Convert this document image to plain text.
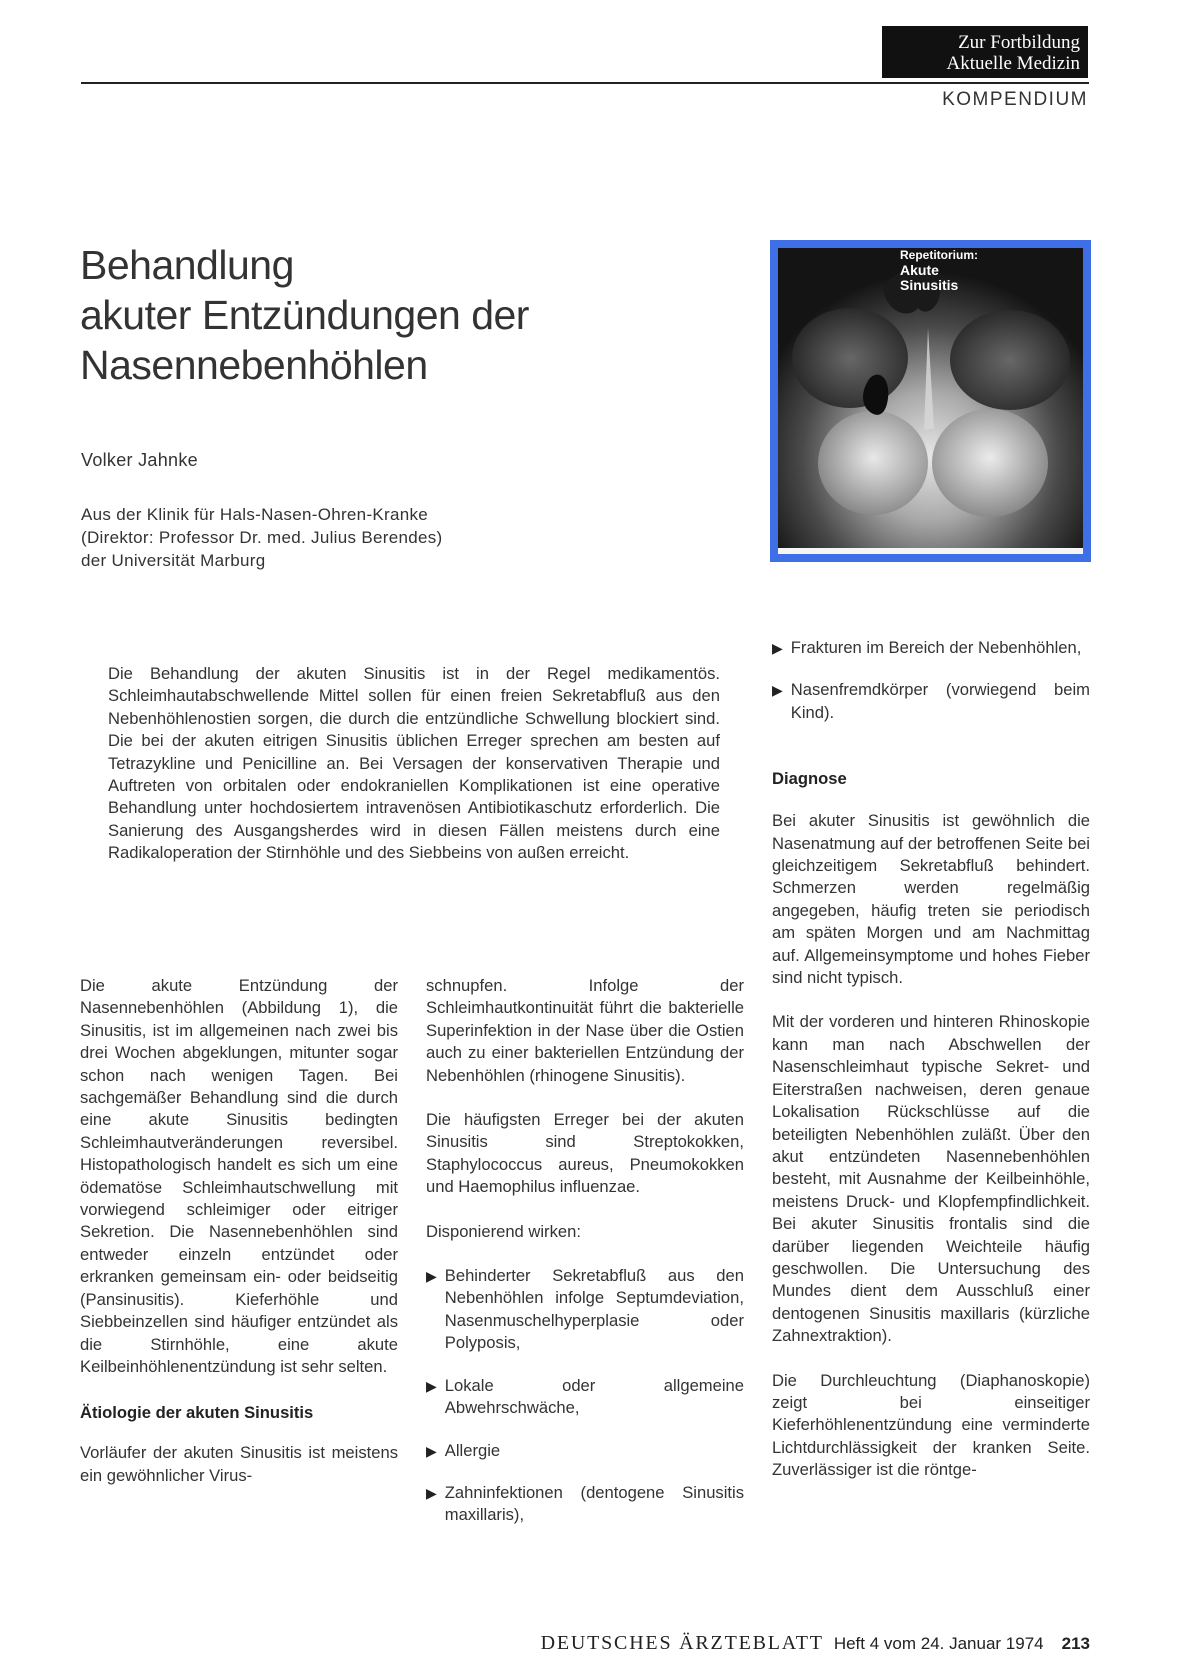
Zur Fortbildung
Aktuelle Medizin
KOMPENDIUM
Behandlung
akuter Entzündungen der
Nasennebenhöhlen
Volker Jahnke
Aus der Klinik für Hals-Nasen-Ohren-Kranke
(Direktor: Professor Dr. med. Julius Berendes)
der Universität Marburg
Repetitorium:
Akute Sinusitis

Die Behandlung der akuten Sinusitis ist in der Regel medikamentös. Schleimhautabschwellende Mittel sollen für einen freien Sekretabfluß aus den Nebenhöhlenostien sorgen, die durch die entzündliche Schwellung blockiert sind. Die bei der akuten eitrigen Sinusitis üblichen Erreger sprechen am besten auf Tetrazykline und Penicilline an. Bei Versagen der konservativen Therapie und Auftreten von orbitalen oder endokraniellen Komplikationen ist eine operative Behandlung unter hochdosiertem intravenösen Antibiotikaschutz erforderlich. Die Sanierung des Ausgangsherdes wird in diesen Fällen meistens durch eine Radikaloperation der Stirnhöhle und des Siebbeins von außen erreicht.

Die akute Entzündung der Nasennebenhöhlen (Abbildung 1), die Sinusitis, ist im allgemeinen nach zwei bis drei Wochen abgeklungen, mitunter sogar schon nach wenigen Tagen. Bei sachgemäßer Behandlung sind die durch eine akute Sinusitis bedingten Schleimhautveränderungen reversibel. Histopathologisch handelt es sich um eine ödematöse Schleimhautschwellung mit vorwiegend schleimiger oder eitriger Sekretion. Die Nasennebenhöhlen sind entweder einzeln entzündet oder erkranken gemeinsam ein- oder beidseitig (Pansinusitis). Kieferhöhle und Siebbeinzellen sind häufiger entzündet als die Stirnhöhle, eine akute Keilbeinhöhlenentzündung ist sehr selten.

Ätiologie der akuten Sinusitis

Vorläufer der akuten Sinusitis ist meistens ein gewöhnlicher Virus-

schnupfen. Infolge der Schleimhautkontinuität führt die bakterielle Superinfektion in der Nase über die Ostien auch zu einer bakteriellen Entzündung der Nebenhöhlen (rhinogene Sinusitis).

Die häufigsten Erreger bei der akuten Sinusitis sind Streptokokken, Staphylococcus aureus, Pneumokokken und Haemophilus influenzae.

Disponierend wirken:

▶ Behinderter Sekretabfluß aus den Nebenhöhlen infolge Septumdeviation, Nasenmuschelhyperplasie oder Polyposis,
▶ Lokale oder allgemeine Abwehrschwäche,
▶ Allergie
▶ Zahninfektionen (dentogene Sinusitis maxillaris),
▶ Frakturen im Bereich der Nebenhöhlen,
▶ Nasenfremdkörper (vorwiegend beim Kind).
Diagnose

Bei akuter Sinusitis ist gewöhnlich die Nasenatmung auf der betroffenen Seite bei gleichzeitigem Sekretabfluß behindert. Schmerzen werden regelmäßig angegeben, häufig treten sie periodisch am späten Morgen und am Nachmittag auf. Allgemeinsymptome und hohes Fieber sind nicht typisch.

Mit der vorderen und hinteren Rhinoskopie kann man nach Abschwellen der Nasenschleimhaut typische Sekret- und Eiterstraßen nachweisen, deren genaue Lokalisation Rückschlüsse auf die beteiligten Nebenhöhlen zuläßt. Über den akut entzündeten Nasennebenhöhlen besteht, mit Ausnahme der Keilbeinhöhle, meistens Druck- und Klopfempfindlichkeit. Bei akuter Sinusitis frontalis sind die darüber liegenden Weichteile häufig geschwollen. Die Untersuchung des Mundes dient dem Ausschluß einer dentogenen Sinusitis maxillaris (kürzliche Zahnextraktion).

Die Durchleuchtung (Diaphanoskopie) zeigt bei einseitiger Kieferhöhlenentzündung eine verminderte Lichtdurchlässigkeit der kranken Seite. Zuverlässiger ist die röntge-

DEUTSCHES ÄRZTEBLATT Heft 4 vom 24. Januar 1974 213
